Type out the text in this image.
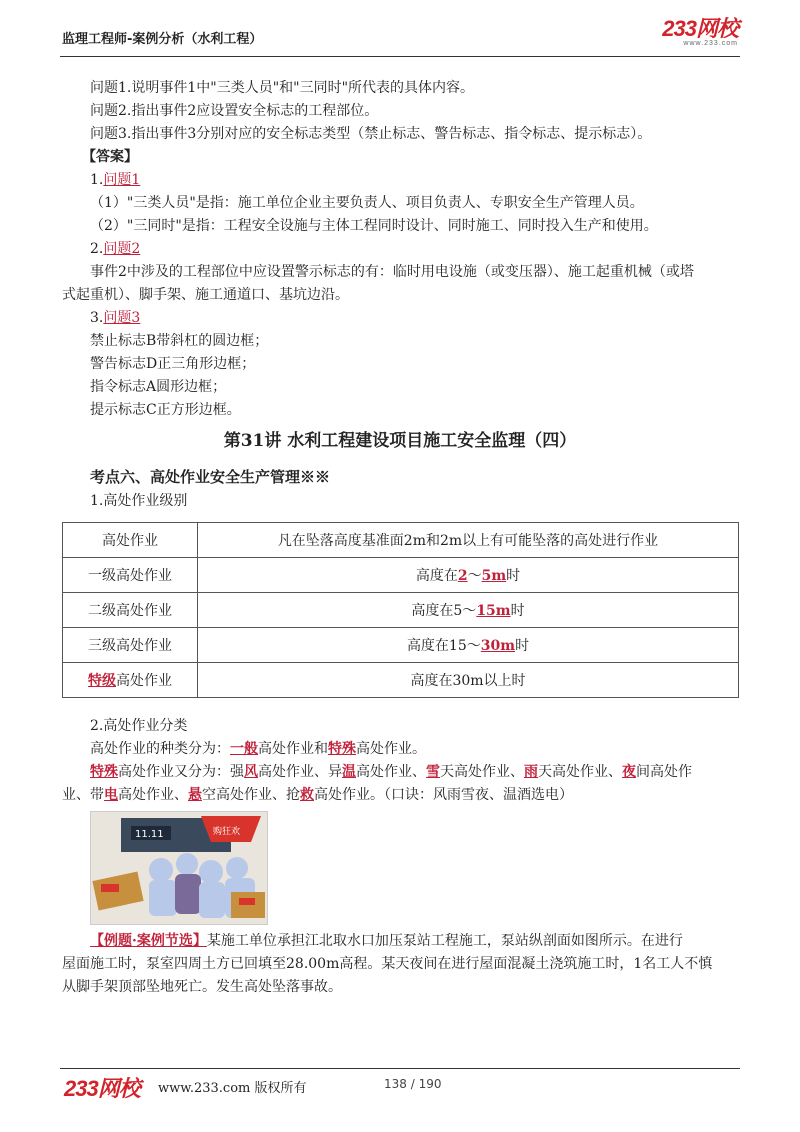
监理工程师-案例分析（水利工程）	233网校
www.233.com
问题1.说明事件1中"三类人员"和"三同时"所代表的具体内容。
问题2.指出事件2应设置安全标志的工程部位。
问题3.指出事件3分别对应的安全标志类型（禁止标志、警告标志、指令标志、提示标志）。
【答案】
1.问题1
（1）"三类人员"是指：施工单位企业主要负责人、项目负责人、专职安全生产管理人员。
（2）"三同时"是指：工程安全设施与主体工程同时设计、同时施工、同时投入生产和使用。
2.问题2
事件2中涉及的工程部位中应设置警示标志的有：临时用电设施（或变压器）、施工起重机械（或塔
式起重机）、脚手架、施工通道口、基坑边沿。
3.问题3
禁止标志B带斜杠的圆边框；
警告标志D正三角形边框；
指令标志A圆形边框；
提示标志C正方形边框。
第31讲 水利工程建设项目施工安全监理（四）
考点六、高处作业安全生产管理※※
1.高处作业级别
高处作业	凡在坠落高度基准面2m和2m以上有可能坠落的高处进行作业
一级高处作业	高度在2～5m时
二级高处作业	高度在5～15m时
三级高处作业	高度在15～30m时
特级高处作业	高度在30m以上时
2.高处作业分类
高处作业的种类分为：一般高处作业和特殊高处作业。
特殊高处作业又分为：强风高处作业、异温高处作业、雪天高处作业、雨天高处作业、夜间高处作
业、带电高处作业、悬空高处作业、抢救高处作业。（口诀：风雨雪夜、温酒选电）
11.11	购狂欢
【例题·案例节选】某施工单位承担江北取水口加压泵站工程施工，泵站纵剖面如图所示。在进行
屋面施工时，泵室四周土方已回填至28.00m高程。某天夜间在进行屋面混凝土浇筑施工时，1名工人不慎
从脚手架顶部坠地死亡。发生高处坠落事故。
233网校 www.233.com 版权所有	138 / 190
